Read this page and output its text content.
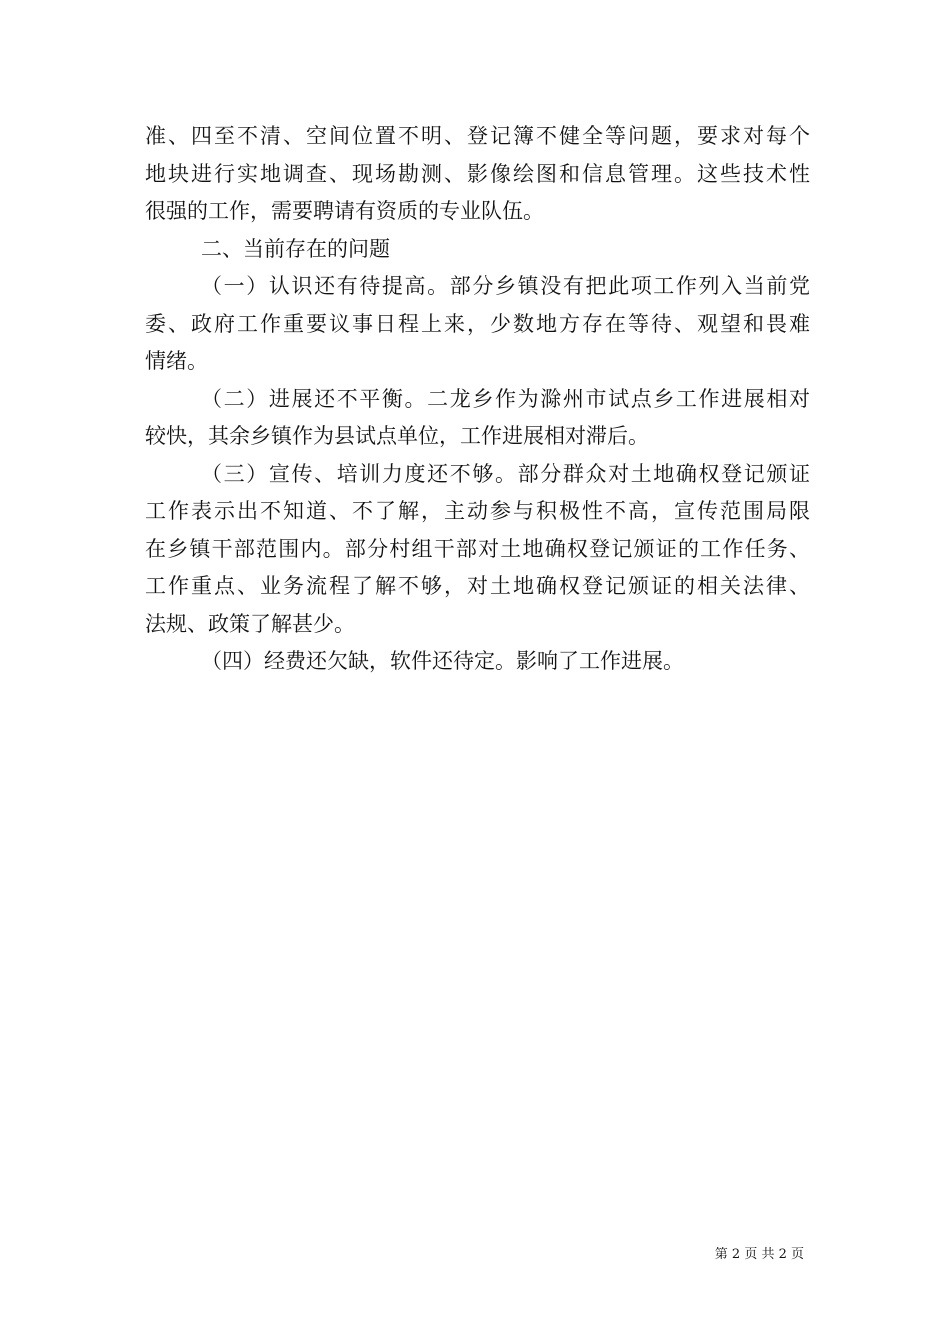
准、四至不清、空间位置不明、登记簿不健全等问题，要求对每个
地块进行实地调查、现场勘测、影像绘图和信息管理。这些技术性
很强的工作，需要聘请有资质的专业队伍。
二、当前存在的问题
（一）认识还有待提高。部分乡镇没有把此项工作列入当前党
委、政府工作重要议事日程上来，少数地方存在等待、观望和畏难
情绪。
（二）进展还不平衡。二龙乡作为滁州市试点乡工作进展相对
较快，其余乡镇作为县试点单位，工作进展相对滞后。
（三）宣传、培训力度还不够。部分群众对土地确权登记颁证
工作表示出不知道、不了解，主动参与积极性不高，宣传范围局限
在乡镇干部范围内。部分村组干部对土地确权登记颁证的工作任务、
工作重点、业务流程了解不够，对土地确权登记颁证的相关法律、
法规、政策了解甚少。
（四）经费还欠缺，软件还待定。影响了工作进展。
第 2 页 共 2 页
